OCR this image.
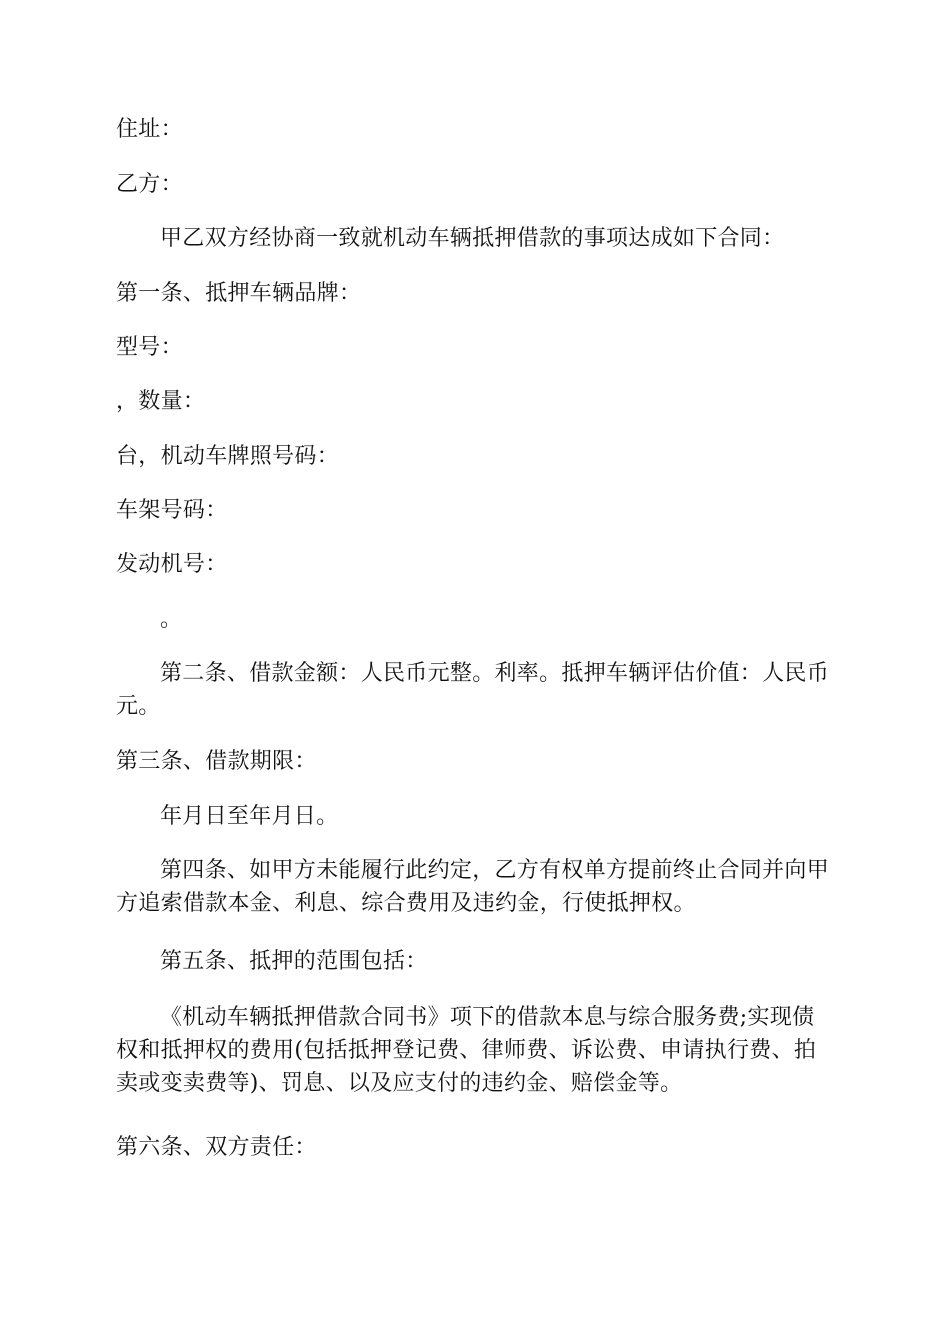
住址：

乙方：

甲乙双方经协商一致就机动车辆抵押借款的事项达成如下合同：

第一条、抵押车辆品牌：

型号：

，数量：

台，机动车牌照号码：

车架号码：

发动机号：

。

第二条、借款金额：人民币元整。利率。抵押车辆评估价值：人民币元。

第三条、借款期限：

年月日至年月日。

第四条、如甲方未能履行此约定，乙方有权单方提前终止合同并向甲方追索借款本金、利息、综合费用及违约金，行使抵押权。

第五条、抵押的范围包括：

《机动车辆抵押借款合同书》项下的借款本息与综合服务费;实现债权和抵押权的费用(包括抵押登记费、律师费、诉讼费、申请执行费、拍卖或变卖费等)、罚息、以及应支付的违约金、赔偿金等。

第六条、双方责任：
